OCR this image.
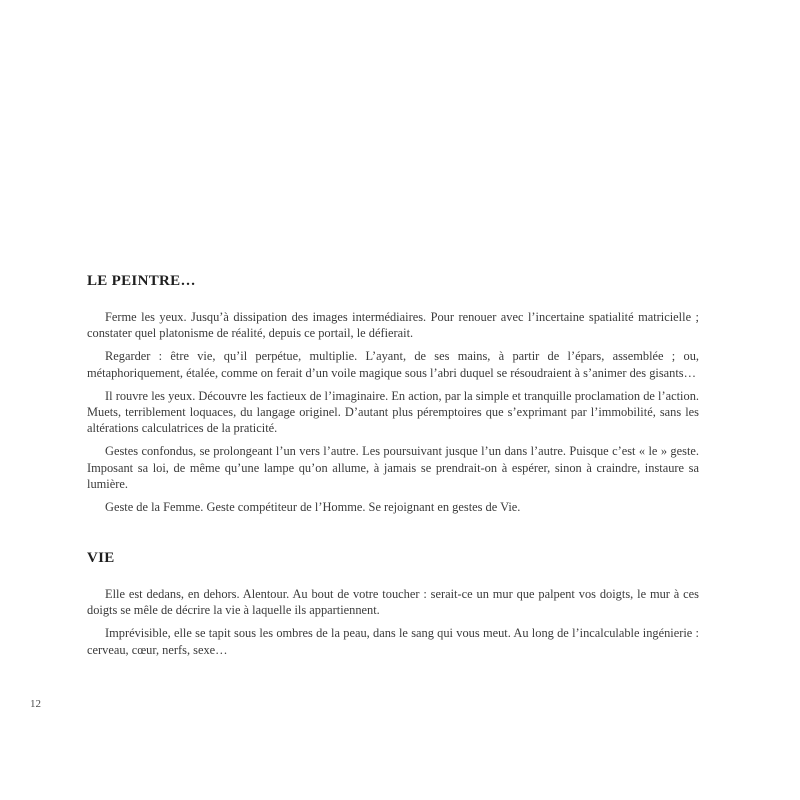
LE PEINTRE…

Ferme les yeux. Jusqu’à dissipation des images intermédiaires. Pour renouer avec l’incertaine spatialité matricielle ; constater quel platonisme de réalité, depuis ce portail, le défierait.

Regarder : être vie, qu’il perpétue, multiplie. L’ayant, de ses mains, à partir de l’épars, assemblée ; ou, métaphoriquement, étalée, comme on ferait d’un voile magique sous l’abri duquel se résoudraient à s’animer des gisants…

Il rouvre les yeux. Découvre les factieux de l’imaginaire. En action, par la simple et tranquille proclamation de l’action. Muets, terriblement loquaces, du langage originel. D’autant plus péremptoires que s’exprimant par l’immobilité, sans les altérations calculatrices de la praticité.

Gestes confondus, se prolongeant l’un vers l’autre. Les poursuivant jusque l’un dans l’autre. Puisque c’est « le » geste. Imposant sa loi, de même qu’une lampe qu’on allume, à jamais se prendrait-on à espérer, sinon à craindre, instaure sa lumière.

Geste de la Femme. Geste compétiteur de l’Homme. Se rejoignant en gestes de Vie.

VIE

Elle est dedans, en dehors. Alentour. Au bout de votre toucher : serait-ce un mur que palpent vos doigts, le mur à ces doigts se mêle de décrire la vie à laquelle ils appartiennent.

Imprévisible, elle se tapit sous les ombres de la peau, dans le sang qui vous meut. Au long de l’incalculable ingénierie : cerveau, cœur, nerfs, sexe…

12
